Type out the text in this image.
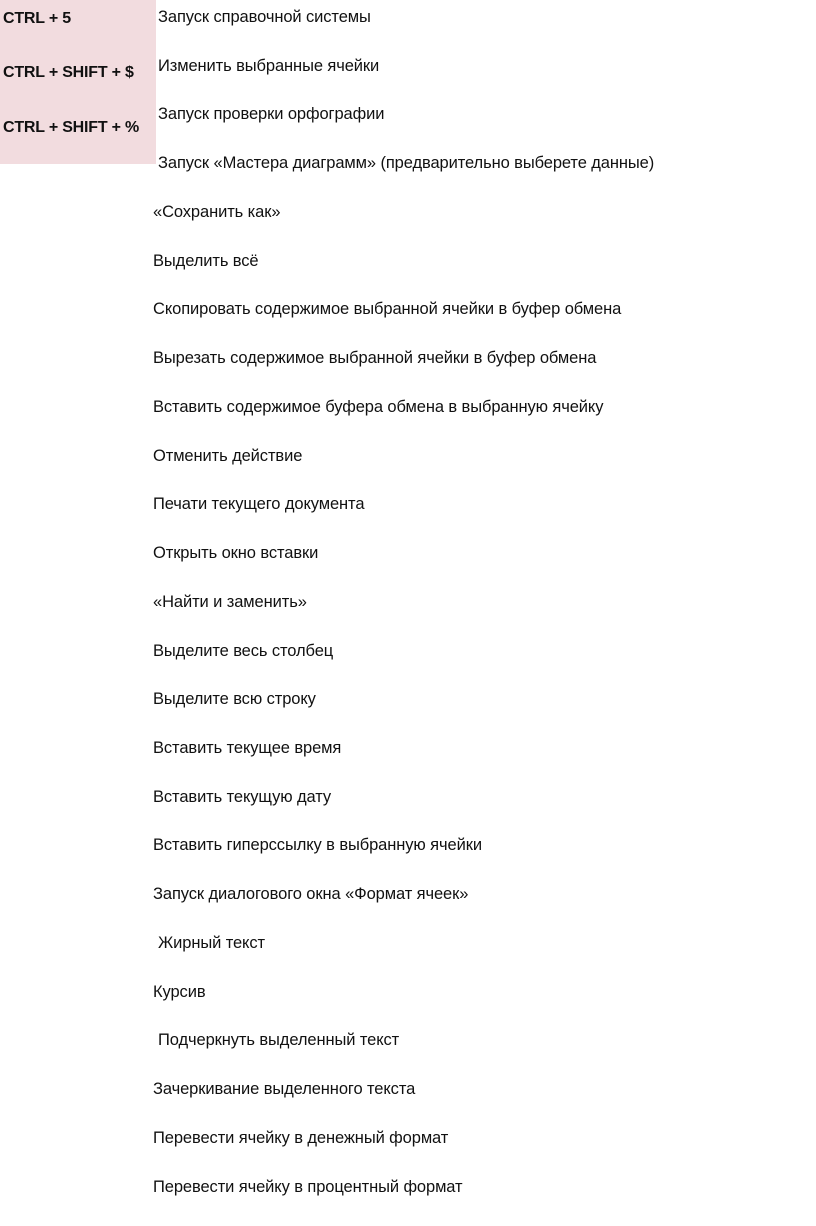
CTRL + 5
CTRL + SHIFT + $
CTRL + SHIFT + %
Запуск справочной системы
Изменить выбранные ячейки
Запуск проверки орфографии
Запуск «Мастера диаграмм» (предварительно выберете данные)
«Сохранить как»
Выделить всё
Скопировать содержимое выбранной ячейки в буфер обмена
Вырезать содержимое выбранной ячейки в буфер обмена
Вставить содержимое буфера обмена в выбранную ячейку
Отменить действие
Печати текущего документа
Открыть окно вставки
«Найти и заменить»
Выделите весь столбец
Выделите всю строку
Вставить текущее время
Вставить текущую дату
Вставить гиперссылку в выбранную ячейки
Запуск диалогового окна «Формат ячеек»
Жирный текст
Курсив
Подчеркнуть выделенный текст
Зачеркивание выделенного текста
Перевести ячейку в денежный формат
Перевести ячейку в процентный формат
